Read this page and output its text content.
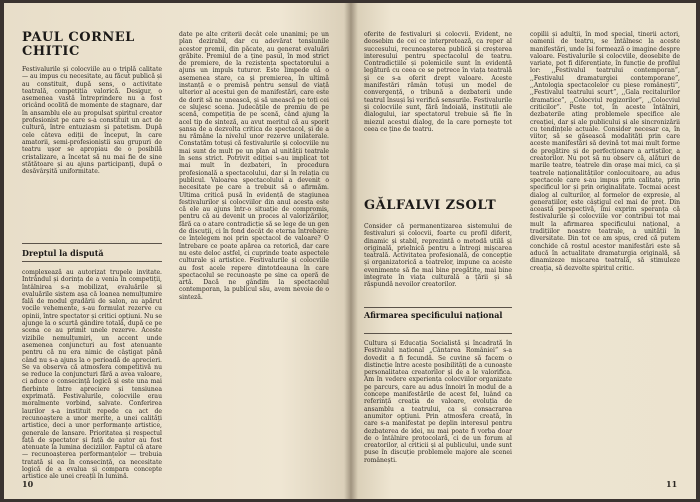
PAUL CORNEL
CHITIC

Festivalurile și colocviile au o triplă calitate — au impus cu necesitate, au făcut publică și au constituit, după sens, o activitate teatrală, competiția valorică. Desigur, o asemenea vastă întreprindere nu a fost oricând ocolită de momente de stagnare, dar în ansamblu ele au propulsat spiritul creator profesionist pe care s-a constituit un act de cultură, între entuziasm și patetism. După cele câteva ediții de început, în care amatorii, semi-profesioniștii sau grupuri de teatru ușor se apropiau de o posibilă cristalizare, a încetat să nu mai fie de sine stătătoare și au ajuns participanți, după o desăvârșită uniformitate.

Dreptul la dispută

complexează au autorizat trupele invitate. Intrândul și dorința de a venia în competiții, întâlnirea s-a mobilizat, evaluările și evaluările sistem așa că loanea nemulțumire fală de modul gradării de salon, au apărut vocile vehemente, s-au formulat rezerve cu opinii, între spectator și critici opțiuni. Nu se ajunge la o scurtă gândire totală, după ce pe scena ce au primit unele rezerve. Aceste vizibile nemulțumiri, un accent unde asemenea conjuncturi au fost atenuante pentru că nu era nimic de câștigat până când nu s-a ajuns la o perioadă de aprecieri. Se va observa că atmosfera competitivă nu se reduce la conjuncturi fără a avea valoare, ci aduce o consecință logică și este una mai fierbinte între apreciere și tensiunea exprimată. Festivalurile, colocviile erau moralmente vorbind, salvate. Conferirea laurilor s-a instituit repede ca act de recunoaștere a unor merite, a unei calități artistice, deci a unor performanțe artistice, generale de lansare. Prioritatea și respectul față de spectator și față de autor au fost atenuate la lumina deciziilor. Faptul că atare — recunoașterea performanțelor — trebuia tratată și ea în consecință, ca necesitate logică de a evalua și compara concepte artistice ale unei creații în lumină.

date pe alte criterii decât cele unanimi; pe un plan dezirabil, dar cu adevărat tensiunile acestor premii, din păcate, au generat evaluări grăbite. Premiul de a ține pasul, în mod strict de premiere, de la rezistența spectatorului a ajuns un impuls tuturor. Este limpede că o asemenea stare, ca și premierea, în ultimă instanță e o premisă pentru sensul de viață ulterior al acestui gen de manifestări, care este de dorit să ne unească, și să unească pe toți cei ce slujesc scena. Judecățile de premiu de pe scenă, competiția de pe scenă, când ajung la acel tip de sinteză, au avut meritul că au sporit șansa de a dezvolta critica de spectacol, și de a nu rămâne la nivelul unor rezerve unilaterale. Constatăm totuși că festivalurile și colocviile nu mai sunt de mult pe un plan al unității teatrale în sens strict. Potrivit ediției s-au implicat tot mai mult în dezbateri, în procedura profesională a spectacolului, dar și în relația cu publicul. Valoarea spectacolului a devenit o necesitate pe care a trebuit să o afirmăm. Ultima critică pusă în evidență de stagiunea festivalurilor și colocviilor din anul acesta este că ele au ajuns într-o situație de compromis, pentru că au devenit un proces al valorizărilor, fără ca o atare contradicție să se lege de un gen de discuții, ci în fond decât de eterna întrebare: ce înțelegem noi prin spectacol de valoare? O întrebare ce poate apărea ca retorică, dar care nu este deloc astfel, ci cuprinde toate aspectele culturale și artistice. Festivalurile și colocviile au fost acele repere dintotdeauna în care spectacolul se recunoaște pe sine ca operă de artă. Dacă ne gândim la spectacolul contemporan, la publicul său, avem nevoie de o sinteză.

10

oferite de festivaluri și colocvii. Evident, ne deosebim de cei ce interpretează, ca reper al succesului, recunoașterea publică și creșterea interesului pentru spectacolul de teatru. Contradicțiile și polemicile sunt în evidentă legătură cu ceea ce se petrece în viața teatrală și ce s-a oferit drept valoare. Aceste manifestări rămân totuși un model de convergență, o tribună a dezbaterii unde teatrul însuși își verifică sensurile. Festivalurile și colocviile sunt, fără îndoială, instituții ale dialogului, iar spectatorul trebuie să fie în miezul acestui dialog, de la care pornește tot ceea ce ține de teatru.

GĂLFALVI ZSOLT

Consider că permanentizarea sistemului de festivaluri și colocvii, foarte cu profil diferit, dinamic și stabil, reprezintă o metodă utilă și originală, prielnică pentru a întregi mișcarea teatrală. Activitatea profesională, de concepție și organizatorică a teatrelor, impune ca aceste evenimente să fie mai bine pregătite, mai bine integrate în viața culturală a țării și să răspundă nevoilor creatorilor.

Afirmarea specificului național

Cultura și Educația Socialistă și încadrată în Festivalul național „Cântarea României” s-a dovedit a fi fecundă. Se cuvine să facem o distincție între aceste posibilități de a cunoaște personalitatea creatorilor și de a le valorifica. Am în vedere experiența colocviilor organizate pe parcurs, care au adus înnoiri în modul de a concepe manifestările de acest fel, luând ca referință creația de valoare, evoluția de ansamblu a teatrului, ca și consacrarea anumitor opțiuni. Prin atmosfera creată, în care s-a manifestat pe deplin interesul pentru dezbaterea de idei, nu mai poate fi vorba doar de o întâlnire protocolară, ci de un forum al creatorilor, al criticii și al publicului, unde sunt puse în discuție problemele majore ale scenei românești.

copilii și adulții, în mod special, tinerii actori, oamenii de teatru, se întâlnesc la aceste manifestări, unde își formează o imagine despre valoare. Festivalurile și colocviile, deosebite de variate, pot fi diferențiate, în funcție de profilul lor: ,,Festivalul teatrului contemporan”, ,,Festivalul dramaturgiei contemporane”, ,,Antologia spectacolelor cu piese românești”, ,,Festivalul teatrului scurt”, ,,Gala recitalurilor dramatice”, ,,Colocviul regizorilor”, ,,Colocviul criticilor”. Peste tot, în aceste întâlniri, dezbaterile ating problemele specifice ale creației, dar și ale publicului și ale sincronizării cu tendințele actuale. Consider necesar ca, în viitor, să se găsească modalități prin care aceste manifestări să devină tot mai mult forme de pregătire și de perfecționare a artiștilor, a creatorilor. Nu pot să nu observ că, alături de marile teatre, teatrele din orașe mai mici, ca și teatrele naționalităților conlocuitoare, au adus spectacole care s-au impus prin calitate, prin specificul lor și prin originalitate. Tocmai acest dialog al culturilor, al formelor de expresie, al generațiilor, este câștigul cel mai de preț. Din această perspectivă, îmi exprim speranța că festivalurile și colocviile vor contribui tot mai mult la afirmarea specificului național, a tradițiilor noastre teatrale, a unității în diversitate. Din tot ce am spus, cred că putem conchide că rostul acestor manifestări este să aducă în actualitate dramaturgia originală, să dinamizeze mișcarea teatrală, să stimuleze creația, să dezvolte spiritul critic.

11
